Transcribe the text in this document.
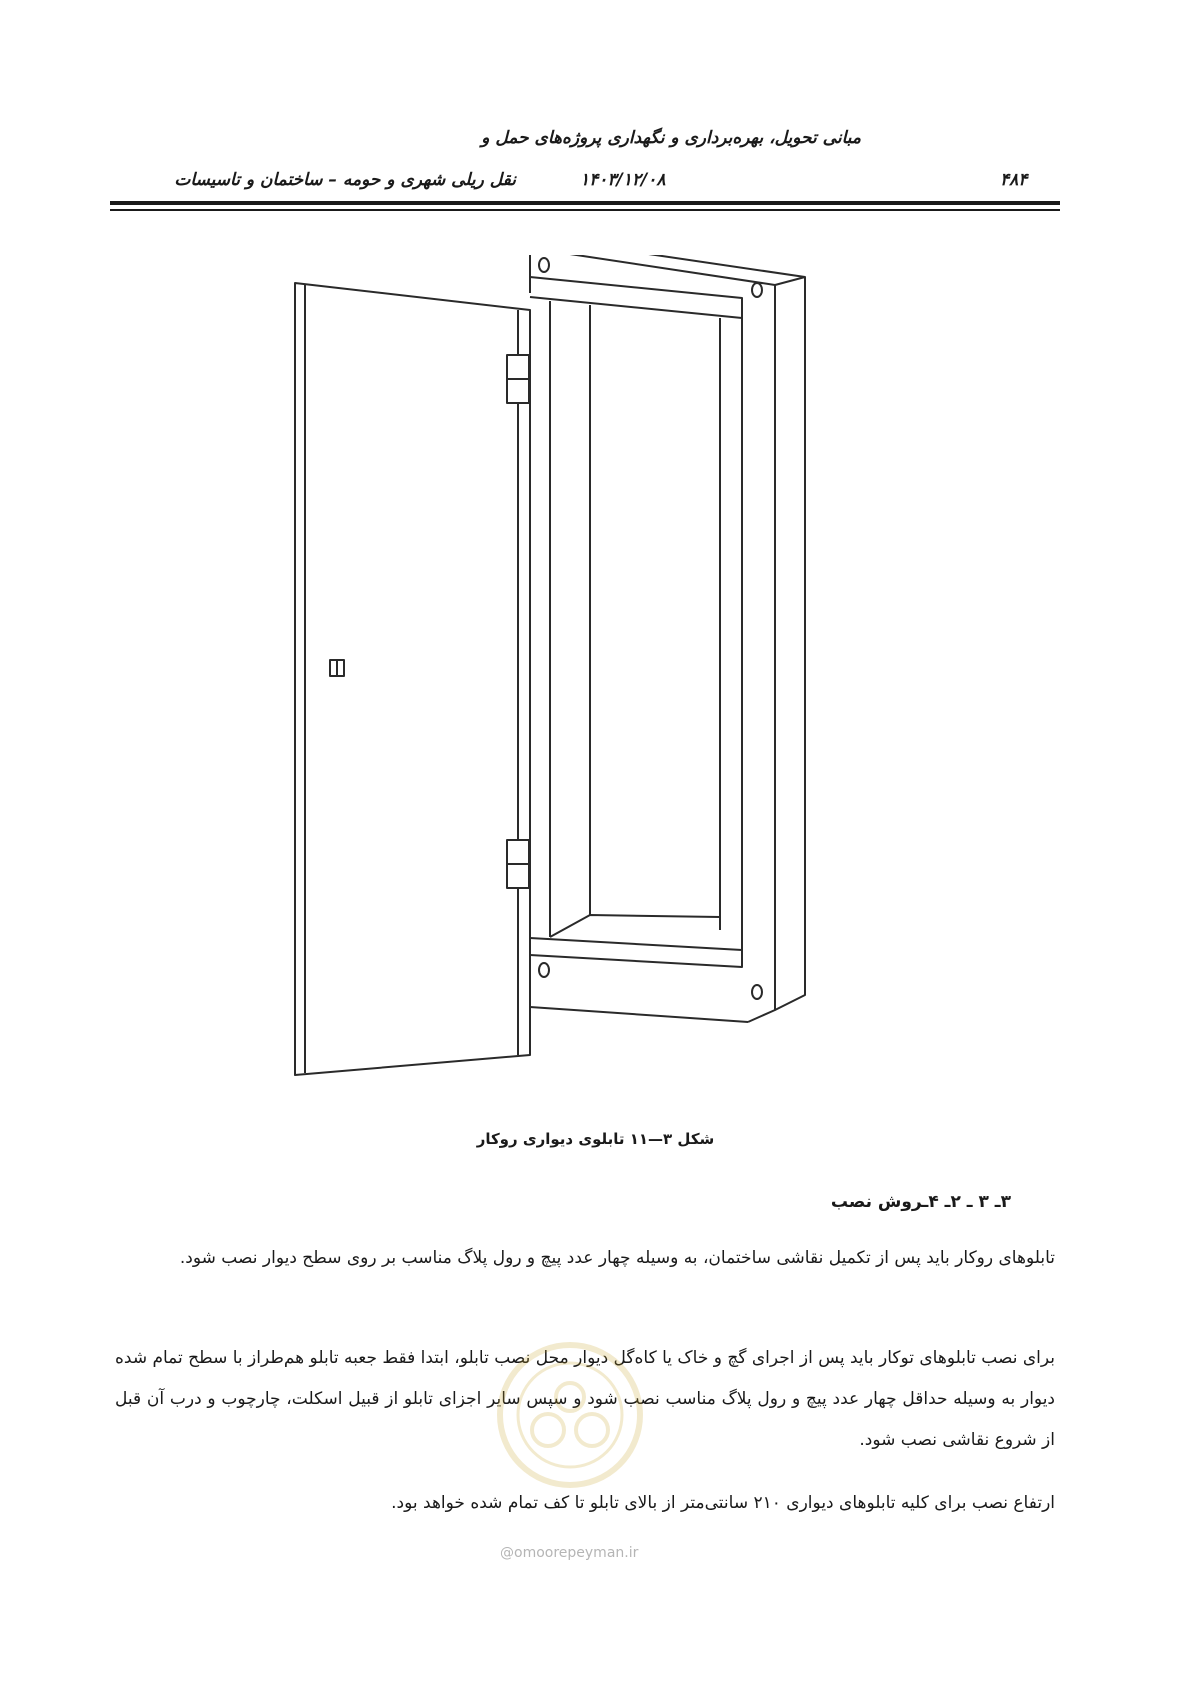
مبانی تحویل، بهره‌برداری و نگهداری پروژه‌های حمل و
نقل ریلی شهری و حومه – ساختمان و تاسیسات	۱۴۰۳/۱۲/۰۸	۴۸۴
شکل ۳—۱۱ تابلوی دیواری روکار
۳ـ ۳ ـ ۲ـ ۴ـروش نصب

تابلوهای روکار باید پس از تکمیل نقاشی ساختمان، به وسیله چهار عدد پیچ و رول پلاگ مناسب بر روی سطح دیوار نصب شود.

برای نصب تابلوهای توکار باید پس از اجرای گچ و خاک یا کاه‌گل دیوار محل نصب تابلو، ابتدا فقط جعبه تابلو هم‌طراز با سطح تمام شده دیوار به وسیله حداقل چهار عدد پیچ و رول پلاگ مناسب نصب شود و سپس سایر اجزای تابلو از قبیل اسکلت، چارچوب و درب آن قبل از شروع نقاشی نصب شود.

ارتفاع نصب برای کلیه تابلوهای دیواری ۲۱۰ سانتی‌متر از بالای تابلو تا کف تمام شده خواهد بود.

@omoorepeyman.ir
